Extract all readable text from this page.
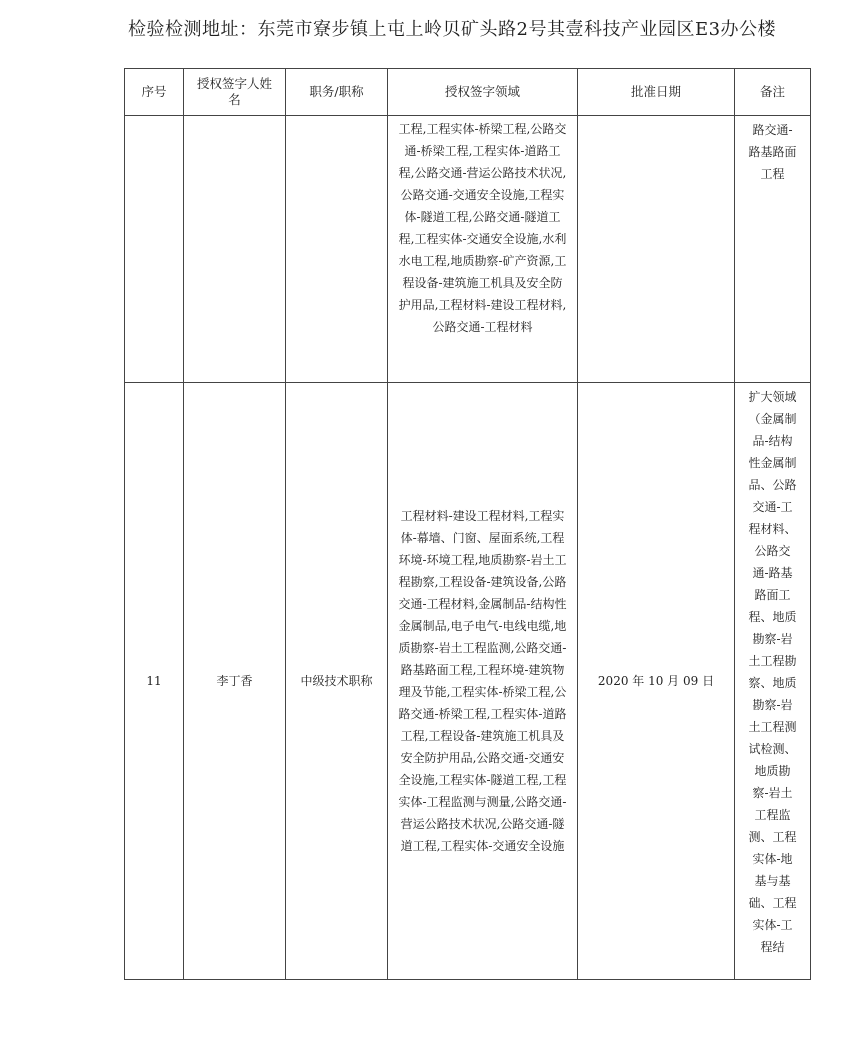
检验检测地址：东莞市寮步镇上屯上岭贝矿头路2号其壹科技产业园区E3办公楼
序号	授权签字人姓名	职务/职称	授权签字领域	批准日期	备注

			工程,工程实体-桥梁工程,公路交通-桥梁工程,工程实体-道路工程,公路交通-营运公路技术状况,公路交通-交通安全设施,工程实体-隧道工程,公路交通-隧道工程,工程实体-交通安全设施,水利水电工程,地质勘察-矿产资源,工程设备-建筑施工机具及安全防护用品,工程材料-建设工程材料,公路交通-工程材料		路交通-路基路面工程

11	李丁香	中级技术职称	工程材料-建设工程材料,工程实体-幕墙、门窗、屋面系统,工程环境-环境工程,地质勘察-岩土工程勘察,工程设备-建筑设备,公路交通-工程材料,金属制品-结构性金属制品,电子电气-电线电缆,地质勘察-岩土工程监测,公路交通-路基路面工程,工程环境-建筑物理及节能,工程实体-桥梁工程,公路交通-桥梁工程,工程实体-道路工程,工程设备-建筑施工机具及安全防护用品,公路交通-交通安全设施,工程实体-隧道工程,工程实体-工程监测与测量,公路交通-营运公路技术状况,公路交通-隧道工程,工程实体-交通安全设施	2020 年 10 月 09 日	扩大领域（金属制品-结构性金属制品、公路交通-工程材料、公路交通-路基路面工程、地质勘察-岩土工程勘察、地质勘察-岩土工程测试检测、地质勘察-岩土工程监测、工程实体-地基与基础、工程实体-工程结
